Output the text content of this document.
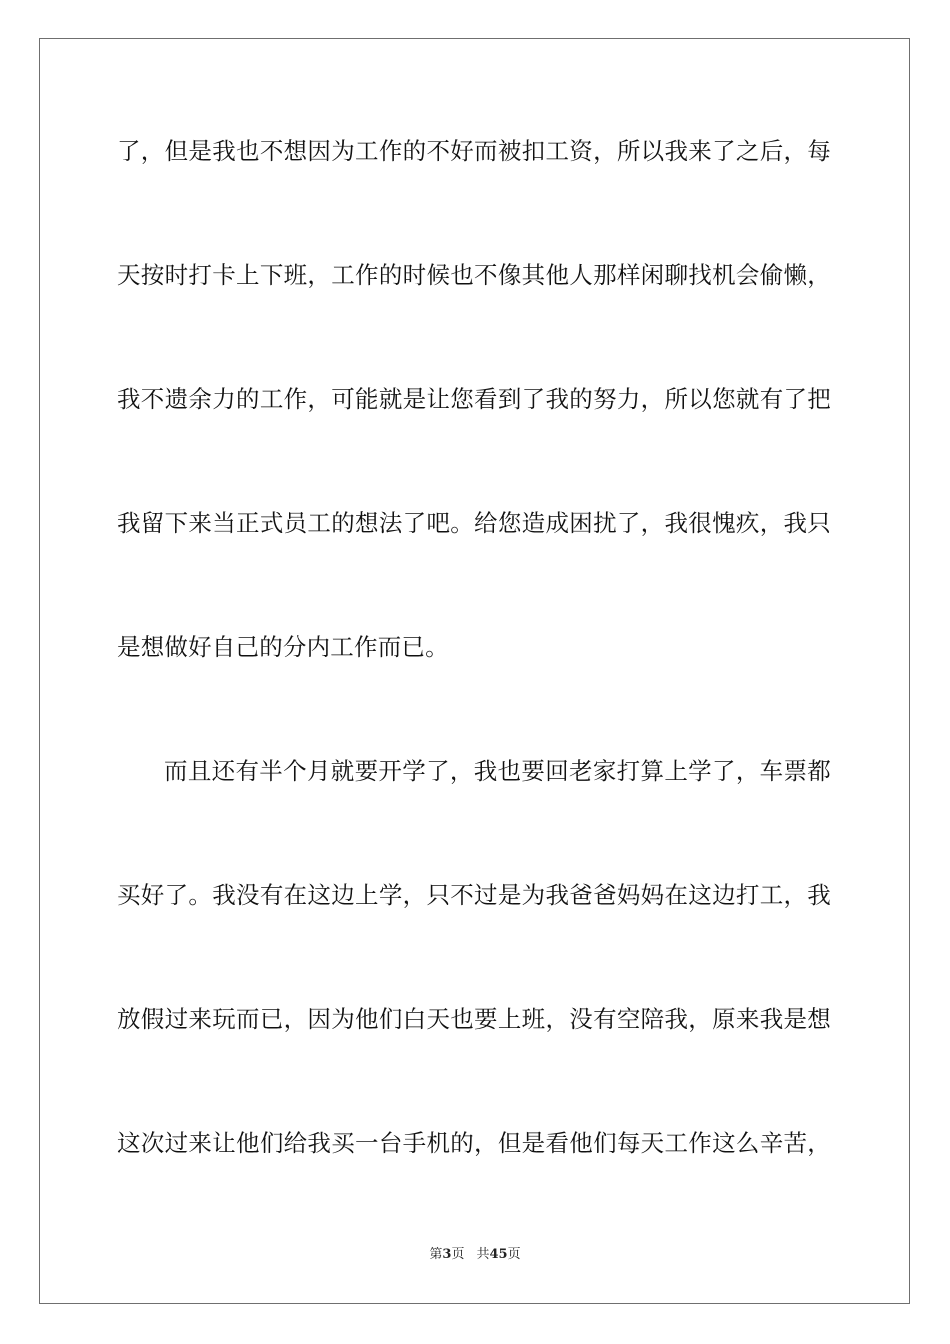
了，但是我也不想因为工作的不好而被扣工资，所以我来了之后，每
天按时打卡上下班，工作的时候也不像其他人那样闲聊找机会偷懒，
我不遗余力的工作，可能就是让您看到了我的努力，所以您就有了把
我留下来当正式员工的想法了吧。给您造成困扰了，我很愧疚，我只
是想做好自己的分内工作而已。
而且还有半个月就要开学了，我也要回老家打算上学了，车票都
买好了。我没有在这边上学，只不过是为我爸爸妈妈在这边打工，我
放假过来玩而已，因为他们白天也要上班，没有空陪我，原来我是想
这次过来让他们给我买一台手机的，但是看他们每天工作这么辛苦，
第3页 共45页
